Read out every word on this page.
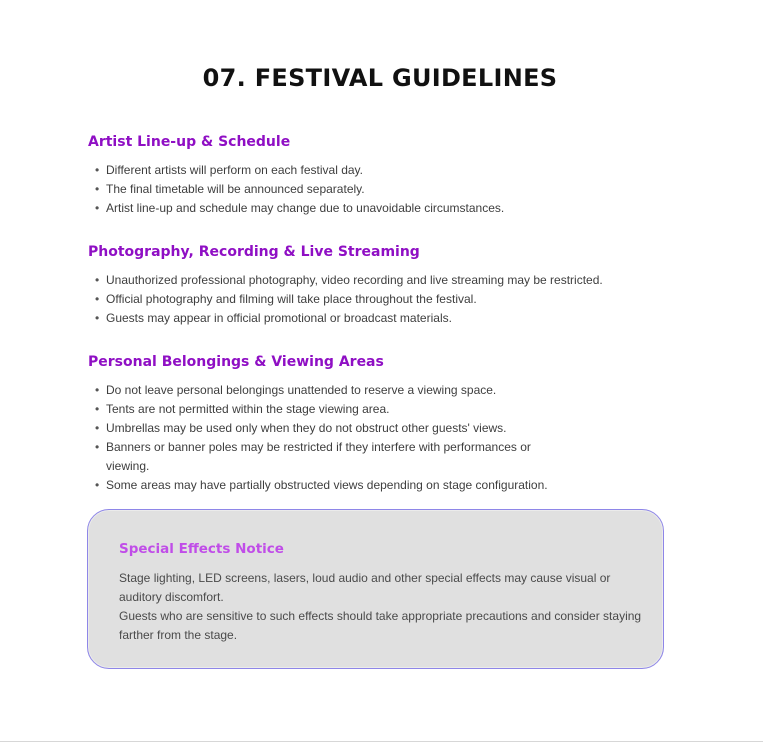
07. FESTIVAL GUIDELINES
Artist Line-up & Schedule
• Different artists will perform on each festival day.
• The final timetable will be announced separately.
• Artist line-up and schedule may change due to unavoidable circumstances.
Photography, Recording & Live Streaming
• Unauthorized professional photography, video recording and live streaming may be restricted.
• Official photography and filming will take place throughout the festival.
• Guests may appear in official promotional or broadcast materials.
Personal Belongings & Viewing Areas
• Do not leave personal belongings unattended to reserve a viewing space.
• Tents are not permitted within the stage viewing area.
• Umbrellas may be used only when they do not obstruct other guests' views.
• Banners or banner poles may be restricted if they interfere with performances or viewing.
• Some areas may have partially obstructed views depending on stage configuration.
Special Effects Notice

Stage lighting, LED screens, lasers, loud audio and other special effects may cause visual or auditory discomfort.

Guests who are sensitive to such effects should take appropriate precautions and consider staying farther from the stage.
